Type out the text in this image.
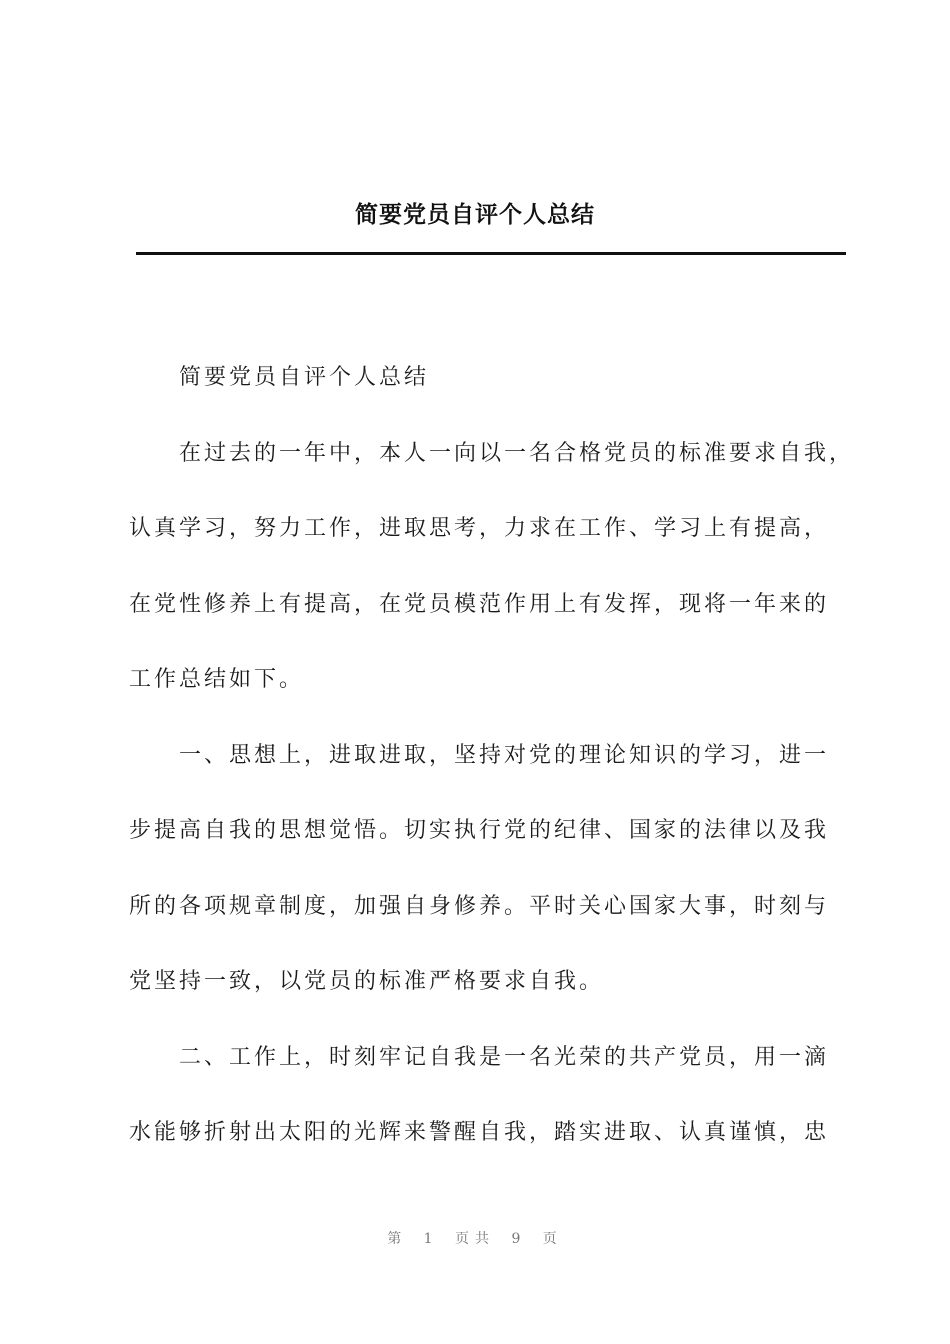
简要党员自评个人总结
简要党员自评个人总结
在过去的一年中，本人一向以一名合格党员的标准要求自我，
认真学习，努力工作，进取思考，力求在工作、学习上有提高，
在党性修养上有提高，在党员模范作用上有发挥，现将一年来的
工作总结如下。
一、思想上，进取进取，坚持对党的理论知识的学习，进一
步提高自我的思想觉悟。切实执行党的纪律、国家的法律以及我
所的各项规章制度，加强自身修养。平时关心国家大事，时刻与
党坚持一致，以党员的标准严格要求自我。
二、工作上，时刻牢记自我是一名光荣的共产党员，用一滴
水能够折射出太阳的光辉来警醒自我，踏实进取、认真谨慎，忠
第 1 页共 9 页
